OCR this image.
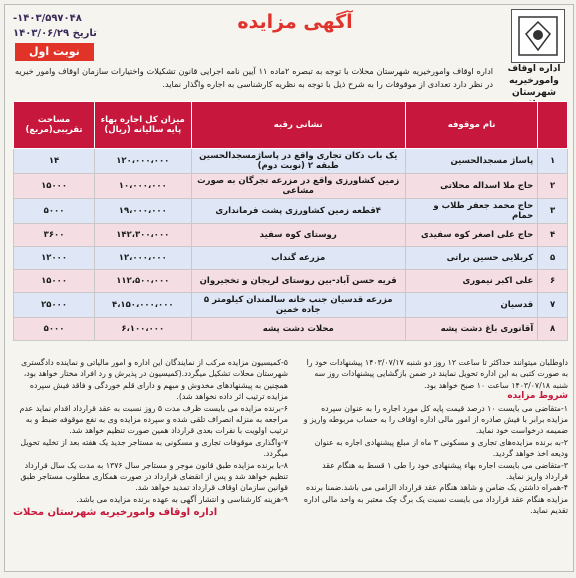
آگهی مزایده
۱۴۰۳/۵۹۷۰۴۸-
تاریخ ۱۴۰۳/۰۶/۲۹
نوبت اول
اداره اوقاف وامورخیریه شهرستان
اداره اوقاف وامورخیریه شهرستان محلات با توجه به تبصره ۲ماده ۱۱ آیین نامه اجرایی قانون تشکیلات واختیارات سازمان اوقاف وامور خیریه در نظر دارد تعدادی از موقوفات را به شرح ذیل با توجه به نظریه کارشناسی به اجاره واگذار نماید.
	نام موقوفه	نشانی رقبه	میزان کل اجاره بهاء پایه سالیانه (ریال)	مساحت تقریبی(مربع)
۱	پاساژ مسجدالحسین	یک باب دکان تجاری واقع در پاساژمسجدالحسین طبقه ۲ (نوبت دوم)	۱۲۰،۰۰۰،۰۰۰	۱۴
۲	حاج ملا اسداله محلاتی	زمین کشاورزی واقع در مزرعه تجرگان به صورت مشاعی	۱۰،۰۰۰،۰۰۰	۱۵۰۰۰
۳	حاج محمد جعفر طلاب و حمام	۴قطعه زمین کشاورزی پشت فرمانداری	۱۹،۰۰۰،۰۰۰	۵۰۰۰
۴	حاج علی اصغر کوه سفیدی	روستای کوه سفید	۱۴۲،۳۰۰،۰۰۰	۳۶۰۰
۵	کربلایی حسین براتی	مزرعه گنداب	۱۲،۰۰۰،۰۰۰	۱۲۰۰۰
۶	علی اکبر نیموری	قریه حسن آباد-بین روستای لریجان و تخجیروان	۱۱۲،۵۰۰،۰۰۰	۱۵۰۰۰
۷	قدسیان	مزرعه قدسیان جنب خانه سالمندان کیلومتر ۵ جاده خمین	۴،۱۵۰،۰۰۰،۰۰۰	۲۵۰۰۰
۸	آقانوری باغ دشت پشه	محلات دشت پشه	۶،۱۰۰،۰۰۰	۵۰۰۰

داوطلبان میتوانند حداکثر تا ساعت ۱۲ روز دو شنبه ۱۴۰۳/۰۷/۱۷ پیشنهادات خود را به صورت کتبی به این اداره تحویل نمایند در ضمن بازگشایی پیشنهادات روز سه شنبه ۱۴۰۳/۰۷/۱۸ ساعت ۱۰ صبح خواهد بود.

شروط مزایده

۱-متقاضی می بایست ۱۰ درصد قیمت پایه کل مورد اجاره را به عنوان سپرده مزایده برابر با فیش صادره از امور مالی اداره اوقاف را به حساب مربوطه واریز و ضمیمه درخواست خود نماید.

۲-به برنده مزایده‌های تجاری و مسکونی ۳ ماه از مبلغ پیشنهادی اجاره به عنوان ودیعه اخذ خواهد گردید.

۳-متقاضی می بایست اجاره بهاء پیشنهادی خود را طی ۱ قسط به هنگام عقد قرارداد واریز نماید.

۴-همراه داشتن یک ضامن و شاهد هنگام عقد قرارداد الزامی می باشد.ضمنا برنده مزایده هنگام عقد قرارداد می بایست نسبت یک برگ چک معتبر به واحد مالی اداره تقدیم نماید.

۵-کمیسیون مزایده مرکب از نمایندگان این اداره و امور مالیاتی و نماینده دادگستری شهرستان محلات تشکیل میگردد.(کمیسیون در پذیرش و رد افراد مختار خواهد بود، همچنین به پیشنهادهای مخدوش و مبهم و دارای قلم خوردگی و فاقد فیش سپرده مزایده ترتیب اثر داده نخواهد شد).

۶-برنده مزایده می بایست ظرف مدت ۵ روز نسبت به عقد قرارداد اقدام نماید عدم مراجعه به منزله انصراف تلقی شده و سپرده مزایده وی به نفع موقوفه ضبط و به ترتیب اولویت با نفرات بعدی قرارداد همین صورت تنظیم خواهد شد.

۷-واگذاری موقوفات تجاری و مسکونی به مستاجر جدید یک هفته بعد از تخلیه تحویل میگردد.

۸-با برنده مزایده طبق قانون موجر و مستاجر سال ۱۳۷۶ به مدت یک سال قرارداد تنظیم خواهد شد و پس از انقضای قرارداد در صورت همکاری مطلوب مستاجر طبق قوانین سازمان اوقاف قرارداد تمدید خواهد شد.

۹-هزینه کارشناسی و انتشار آگهی به عهده برنده مزایده می باشد.

اداره اوقاف وامورخیریه شهرستان محلات
